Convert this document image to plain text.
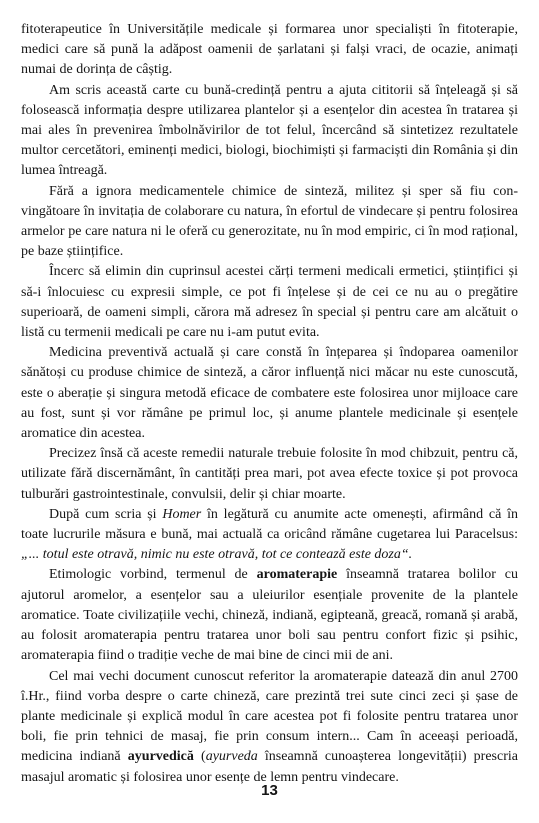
fitoterapeutice în Universitățile medicale și formarea unor specialiști în fitoterapie, medici care să pună la adăpost oamenii de șarlatani și falși vraci, de ocazie, animați numai de dorința de câștig.

Am scris această carte cu bună-credință pentru a ajuta cititorii să înțeleagă și să folosească informația despre utilizarea plantelor și a esențelor din acestea în tratarea și mai ales în prevenirea îmbolnăvirilor de tot felul, încercând să sintetizez rezultatele multor cercetători, eminenți medici, biologi, biochimiști și farmaciști din România și din lumea întreagă.

Fără a ignora medicamentele chimice de sinteză, militez și sper să fiu convingătoare în invitația de colaborare cu natura, în efortul de vindecare și pentru folosirea armelor pe care natura ni le oferă cu generozitate, nu în mod empiric, ci în mod rațional, pe baze științifice.

Încerc să elimin din cuprinsul acestei cărți termeni medicali ermetici, științifici și să-i înlocuiesc cu expresii simple, ce pot fi înțelese și de cei ce nu au o pregătire superioară, de oameni simpli, cărora mă adresez în special și pentru care am alcătuit o listă cu termenii medicali pe care nu i-am putut evita.

Medicina preventivă actuală și care constă în înțeparea și îndoparea oamenilor sănătoși cu produse chimice de sinteză, a căror influență nici măcar nu este cunoscută, este o aberație și singura metodă eficace de combatere este folosirea unor mijloace care au fost, sunt și vor rămâne pe primul loc, și anume plantele medicinale și esențele aromatice din acestea.

Precizez însă că aceste remedii naturale trebuie folosite în mod chibzuit, pentru că, utilizate fără discernământ, în cantități prea mari, pot avea efecte toxice și pot provoca tulburări gastrointestinale, convulsii, delir și chiar moarte.

După cum scria și Homer în legătură cu anumite acte omenești, afirmând că în toate lucrurile măsura e bună, mai actuală ca oricând rămâne cugetarea lui Paracelsus: „... totul este otravă, nimic nu este otravă, tot ce contează este doza“.

Etimologic vorbind, termenul de aromaterapie înseamnă tratarea bolilor cu ajutorul aromelor, a esențelor sau a uleiurilor esențiale provenite de la plantele aromatice. Toate civilizațiile vechi, chineză, indiană, egipteană, greacă, romană și arabă, au folosit aromaterapia pentru tratarea unor boli sau pentru confort fizic și psihic, aromaterapia fiind o tradiție veche de mai bine de cinci mii de ani.

Cel mai vechi document cunoscut referitor la aromaterapie datează din anul 2700 î.Hr., fiind vorba despre o carte chineză, care prezintă trei sute cinci zeci și șase de plante medicinale și explică modul în care acestea pot fi folosite pentru tratarea unor boli, fie prin tehnici de masaj, fie prin consum intern... Cam în aceeași perioadă, medicina indiană ayurvedică (ayurveda înseamnă cunoașterea longevității) prescria masajul aromatic și folosirea unor esențe de lemn pentru vindecare.

13
